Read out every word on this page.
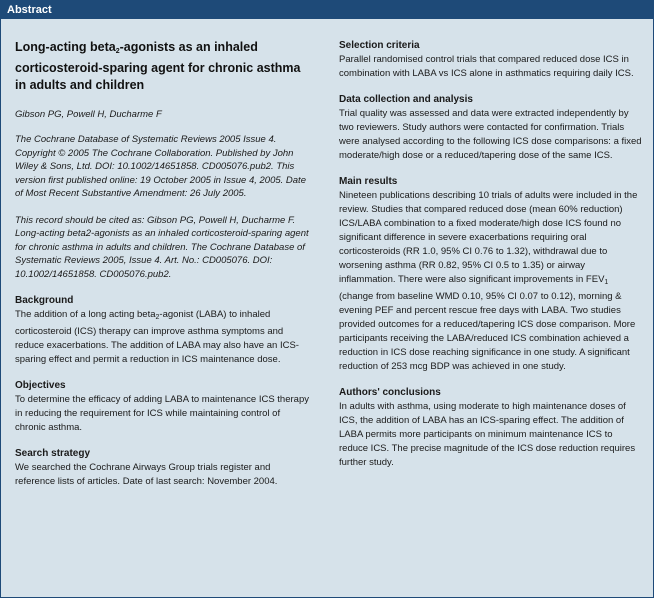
Abstract
Long-acting beta$_2$-agonists as an inhaled corticosteroid-sparing agent for chronic asthma in adults and children
Gibson PG, Powell H, Ducharme F
The Cochrane Database of Systematic Reviews 2005 Issue 4. Copyright © 2005 The Cochrane Collaboration. Published by John Wiley & Sons, Ltd. DOI: 10.1002/14651858. CD005076.pub2. This version first published online: 19 October 2005 in Issue 4, 2005. Date of Most Recent Substantive Amendment: 26 July 2005.
This record should be cited as: Gibson PG, Powell H, Ducharme F. Long-acting beta2-agonists as an inhaled corticosteroid-sparing agent for chronic asthma in adults and children. The Cochrane Database of Systematic Reviews 2005, Issue 4. Art. No.: CD005076. DOI: 10.1002/14651858. CD005076.pub2.
Background
The addition of a long acting beta$_2$-agonist (LABA) to inhaled corticosteroid (ICS) therapy can improve asthma symptoms and reduce exacerbations. The addition of LABA may also have an ICS-sparing effect and permit a reduction in ICS maintenance dose.
Objectives
To determine the efficacy of adding LABA to maintenance ICS therapy in reducing the requirement for ICS while maintaining control of chronic asthma.
Search strategy
We searched the Cochrane Airways Group trials register and reference lists of articles. Date of last search: November 2004.
Selection criteria
Parallel randomised control trials that compared reduced dose ICS in combination with LABA vs ICS alone in asthmatics requiring daily ICS.
Data collection and analysis
Trial quality was assessed and data were extracted independently by two reviewers. Study authors were contacted for confirmation. Trials were analysed according to the following ICS dose comparisons: a fixed moderate/high dose or a reduced/tapering dose of the same ICS.
Main results
Nineteen publications describing 10 trials of adults were included in the review. Studies that compared reduced dose (mean 60% reduction) ICS/LABA combination to a fixed moderate/high dose ICS found no significant difference in severe exacerbations requiring oral corticosteroids (RR 1.0, 95% CI 0.76 to 1.32), withdrawal due to worsening asthma (RR 0.82, 95% CI 0.5 to 1.35) or airway inflammation. There were also significant improvements in $FEV_1$ (change from baseline WMD 0.10, 95% CI 0.07 to 0.12), morning & evening PEF and percent rescue free days with LABA. Two studies provided outcomes for a reduced/tapering ICS dose comparison. More participants receiving the LABA/reduced ICS combination achieved a reduction in ICS dose reaching significance in one study. A significant reduction of 253 mcg BDP was achieved in one study.
Authors' conclusions
In adults with asthma, using moderate to high maintenance doses of ICS, the addition of LABA has an ICS-sparing effect. The addition of LABA permits more participants on minimum maintenance ICS to reduce ICS. The precise magnitude of the ICS dose reduction requires further study.
